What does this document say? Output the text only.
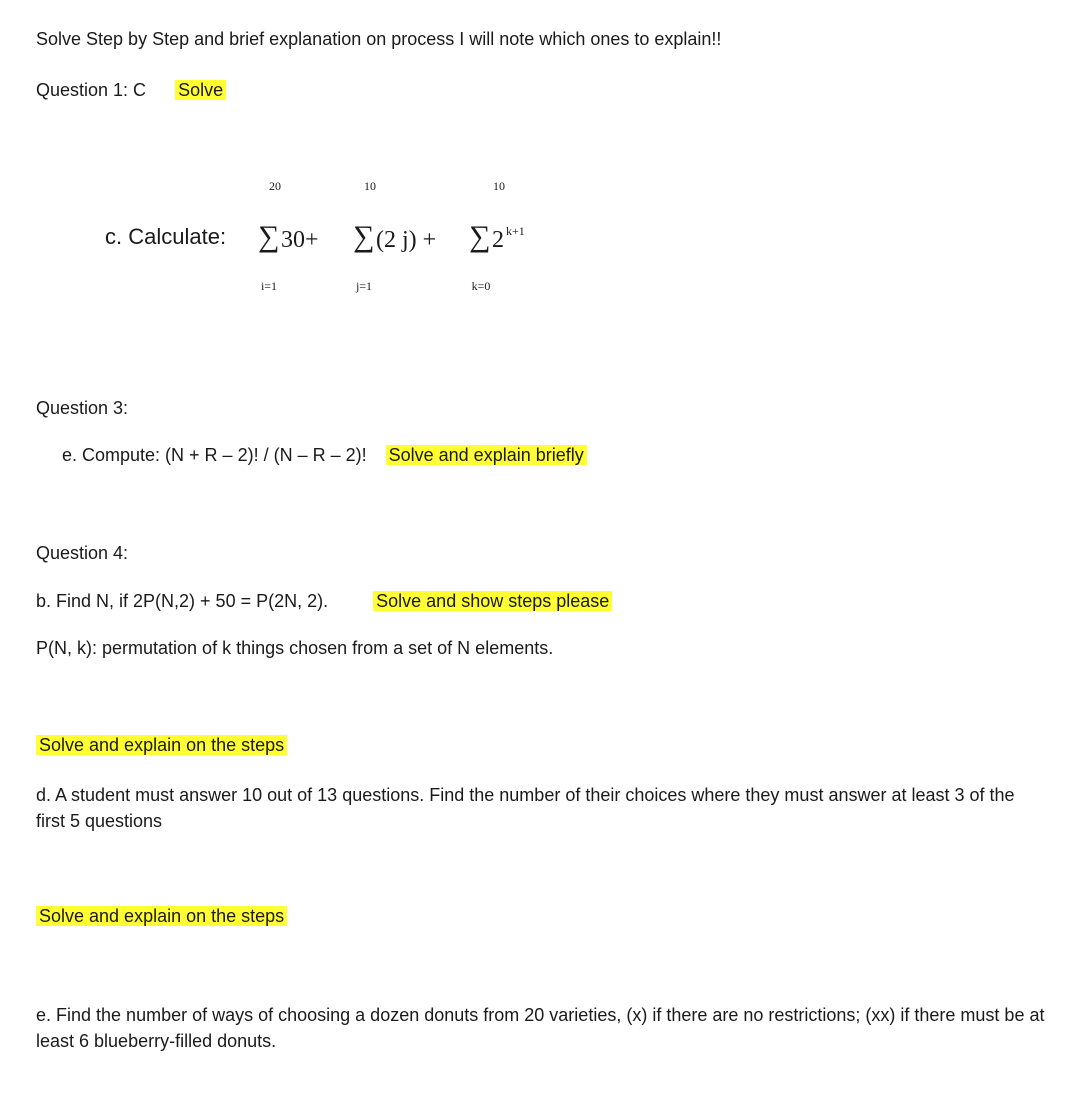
Solve Step by Step and brief explanation on process I will note which ones to explain!!
Question 1: C Solve
c. Calculate:
20
∑ 30+
i=1
10
∑ (2 j) +
j=1
10
∑ 2 k+1
k=0
Question 3:
e. Compute: (N + R – 2)! / (N – R – 2)! Solve and explain briefly
Question 4:
b. Find N, if 2P(N,2) + 50 = P(2N, 2).	Solve and show steps please
P(N, k): permutation of k things chosen from a set of N elements.
Solve and explain on the steps
d. A student must answer 10 out of 13 questions. Find the number of their choices where they must answer at least 3 of the first 5 questions
Solve and explain on the steps
e. Find the number of ways of choosing a dozen donuts from 20 varieties, (x) if there are no restrictions; (xx) if there must be at least 6 blueberry-filled donuts.
